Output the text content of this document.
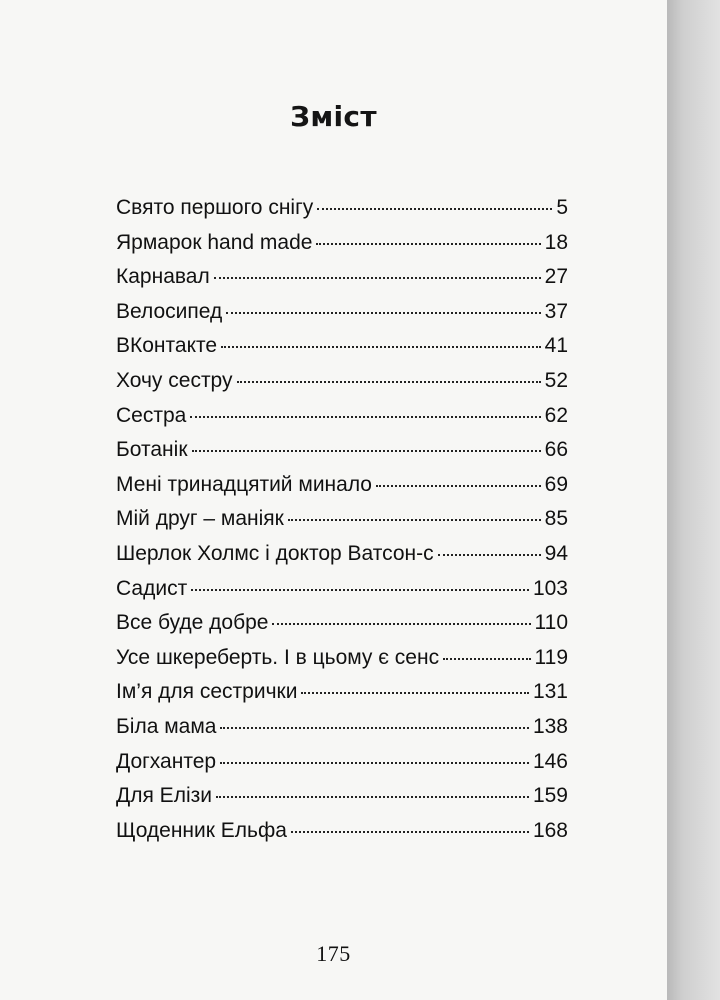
Зміст
Свято першого снігу	5
Ярмарок hand made	18
Карнавал	27
Велосипед	37
ВКонтакте	41
Хочу сестру	52
Сестра	62
Ботанік	66
Мені тринадцятий минало	69
Мій друг – маніяк	85
Шерлок Холмс і доктор Ватсон-с	94
Садист	103
Все буде добре	110
Усе шкереберть. І в цьому є сенс	119
Ім’я для сестрички	131
Біла мама	138
Догхантер	146
Для Елізи	159
Щоденник Ельфа	168
175
